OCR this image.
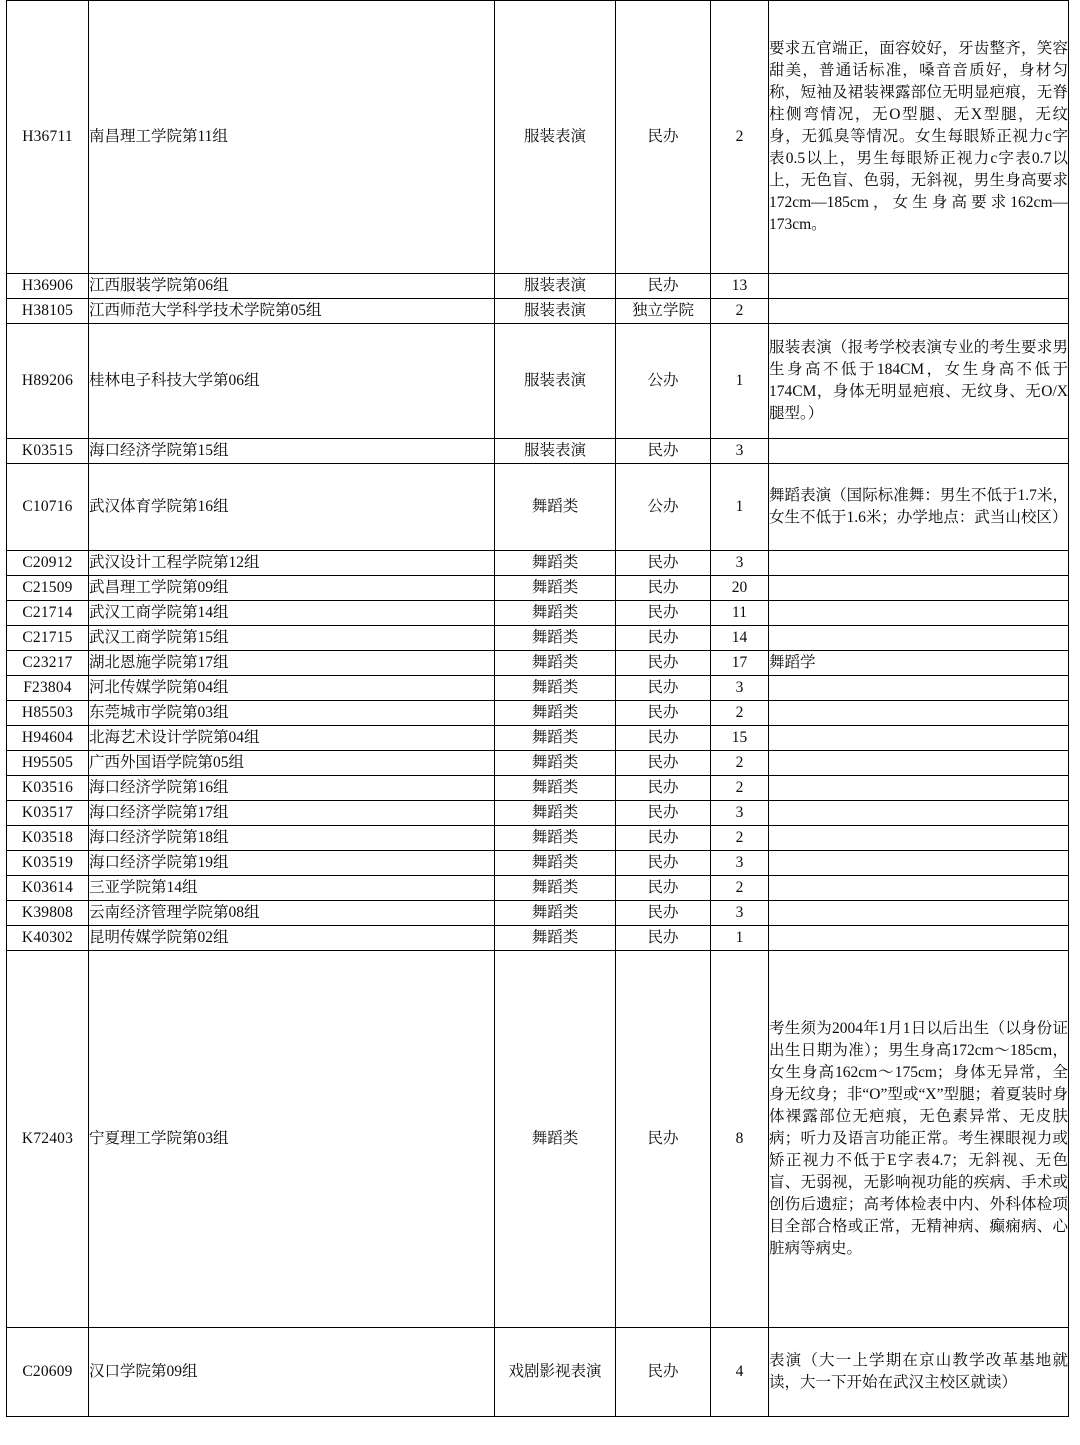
H36711	南昌理工学院第11组	服装表演	民办	2	要求五官端正，面容姣好，牙齿整齐，笑容甜美，普通话标准，嗓音音质好，身材匀称，短袖及裙装裸露部位无明显疤痕，无脊柱侧弯情况，无O型腿、无X型腿，无纹身，无狐臭等情况。女生每眼矫正视力c字表0.5以上，男生每眼矫正视力c字表0.7以上，无色盲、色弱，无斜视，男生身高要求172cm—185cm，女生身高要求162cm—173cm。
H36906	江西服装学院第06组	服装表演	民办	13	
H38105	江西师范大学科学技术学院第05组	服装表演	独立学院	2	
H89206	桂林电子科技大学第06组	服装表演	公办	1	服装表演（报考学校表演专业的考生要求男生身高不低于184CM，女生身高不低于174CM，身体无明显疤痕、无纹身、无O/X腿型。）
K03515	海口经济学院第15组	服装表演	民办	3	
C10716	武汉体育学院第16组	舞蹈类	公办	1	舞蹈表演（国际标准舞：男生不低于1.7米，女生不低于1.6米；办学地点：武当山校区）
C20912	武汉设计工程学院第12组	舞蹈类	民办	3	
C21509	武昌理工学院第09组	舞蹈类	民办	20	
C21714	武汉工商学院第14组	舞蹈类	民办	11	
C21715	武汉工商学院第15组	舞蹈类	民办	14	
C23217	湖北恩施学院第17组	舞蹈类	民办	17	舞蹈学
F23804	河北传媒学院第04组	舞蹈类	民办	3	
H85503	东莞城市学院第03组	舞蹈类	民办	2	
H94604	北海艺术设计学院第04组	舞蹈类	民办	15	
H95505	广西外国语学院第05组	舞蹈类	民办	2	
K03516	海口经济学院第16组	舞蹈类	民办	2	
K03517	海口经济学院第17组	舞蹈类	民办	3	
K03518	海口经济学院第18组	舞蹈类	民办	2	
K03519	海口经济学院第19组	舞蹈类	民办	3	
K03614	三亚学院第14组	舞蹈类	民办	2	
K39808	云南经济管理学院第08组	舞蹈类	民办	3	
K40302	昆明传媒学院第02组	舞蹈类	民办	1	
K72403	宁夏理工学院第03组	舞蹈类	民办	8	考生须为2004年1月1日以后出生（以身份证出生日期为准）；男生身高172cm～185cm，女生身高162cm～175cm；身体无异常，全身无纹身；非“O”型或“X”型腿；着夏装时身体裸露部位无疤痕，无色素异常、无皮肤病；听力及语言功能正常。考生裸眼视力或矫正视力不低于E字表4.7；无斜视、无色盲、无弱视，无影响视功能的疾病、手术或创伤后遗症；高考体检表中内、外科体检项目全部合格或正常，无精神病、癫痫病、心脏病等病史。
C20609	汉口学院第09组	戏剧影视表演	民办	4	表演（大一上学期在京山教学改革基地就读，大一下开始在武汉主校区就读）
